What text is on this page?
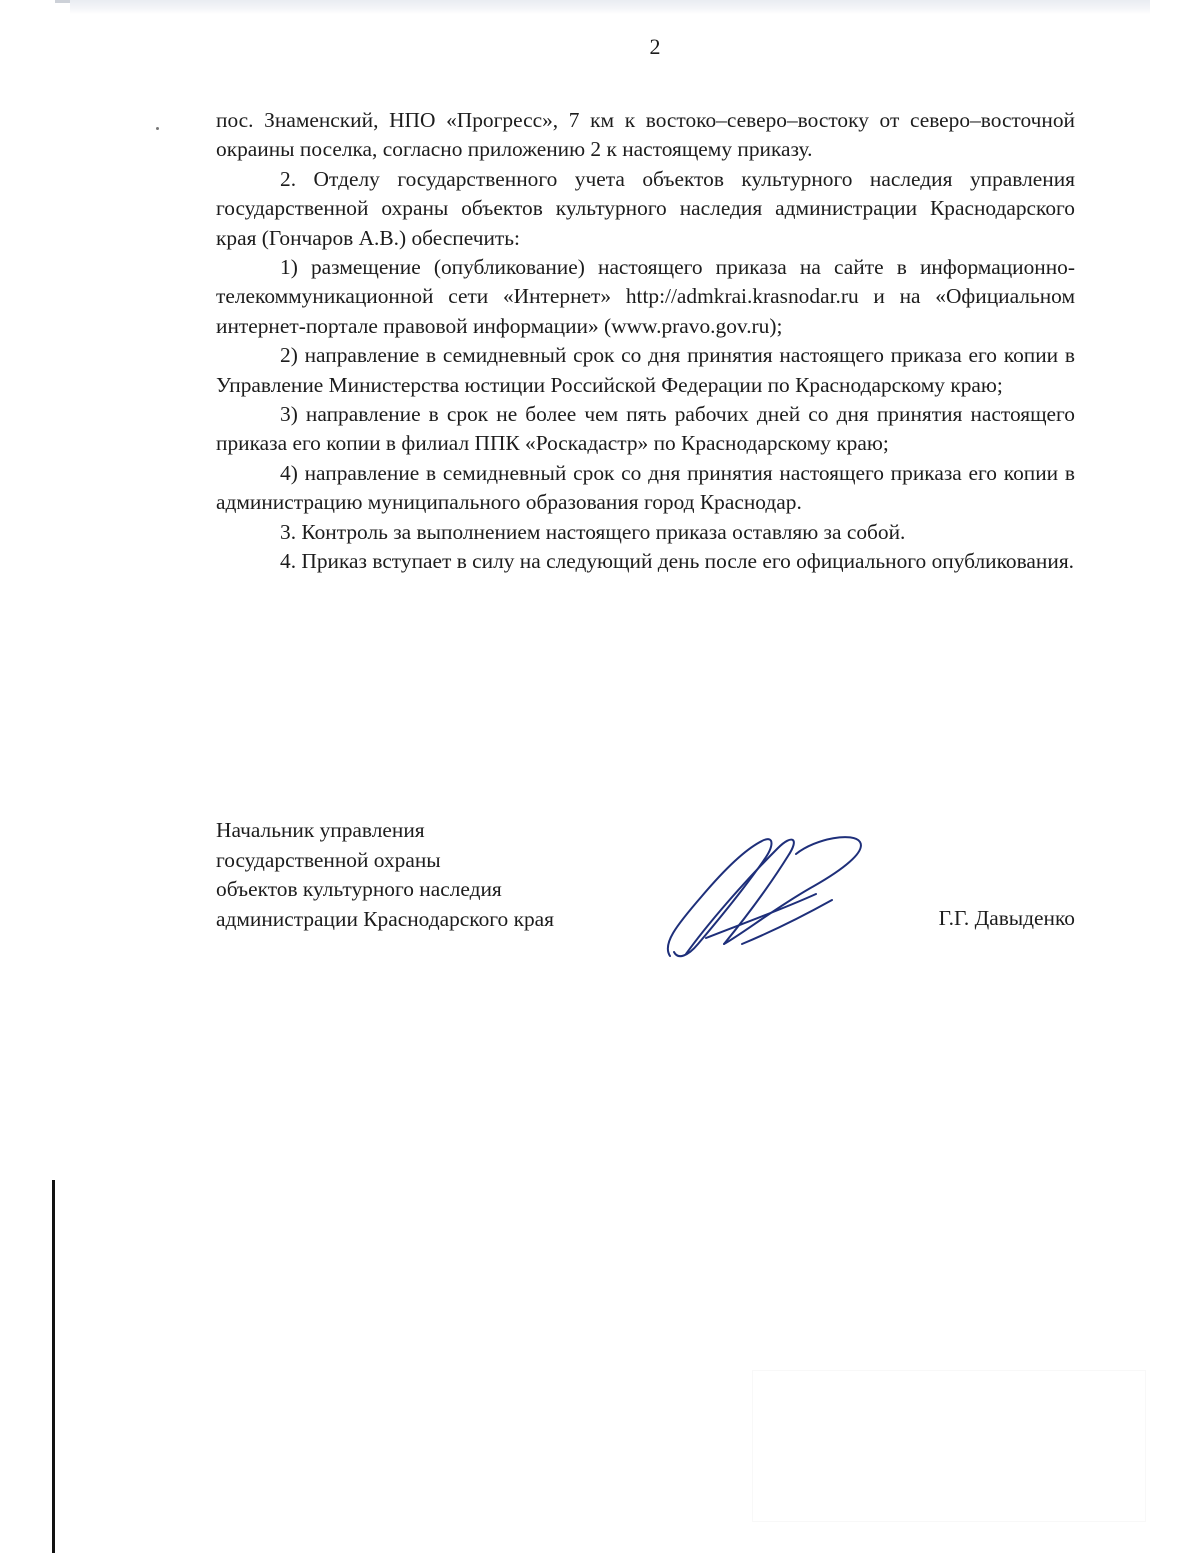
2

пос. Знаменский, НПО «Прогресс», 7 км к востоко–северо–востоку от северо–восточной окраины поселка, согласно приложению 2 к настоящему приказу.

2. Отделу государственного учета объектов культурного наследия управления государственной охраны объектов культурного наследия администрации Краснодарского края (Гончаров А.В.) обеспечить:

1) размещение (опубликование) настоящего приказа на сайте в информационно-телекоммуникационной сети «Интернет» http://admkrai.krasnodar.ru и на «Официальном интернет-портале правовой информации» (www.pravo.gov.ru);

2) направление в семидневный срок со дня принятия настоящего приказа его копии в Управление Министерства юстиции Российской Федерации по Краснодарскому краю;

3) направление в срок не более чем пять рабочих дней со дня принятия настоящего приказа его копии в филиал ППК «Роскадастр» по Краснодарскому краю;

4) направление в семидневный срок со дня принятия настоящего приказа его копии в администрацию муниципального образования город Краснодар.

3. Контроль за выполнением настоящего приказа оставляю за собой.

4. Приказ вступает в силу на следующий день после его официального опубликования.

Начальник управления
государственной охраны
объектов культурного наследия
администрации Краснодарского края	Г.Г. Давыденко
